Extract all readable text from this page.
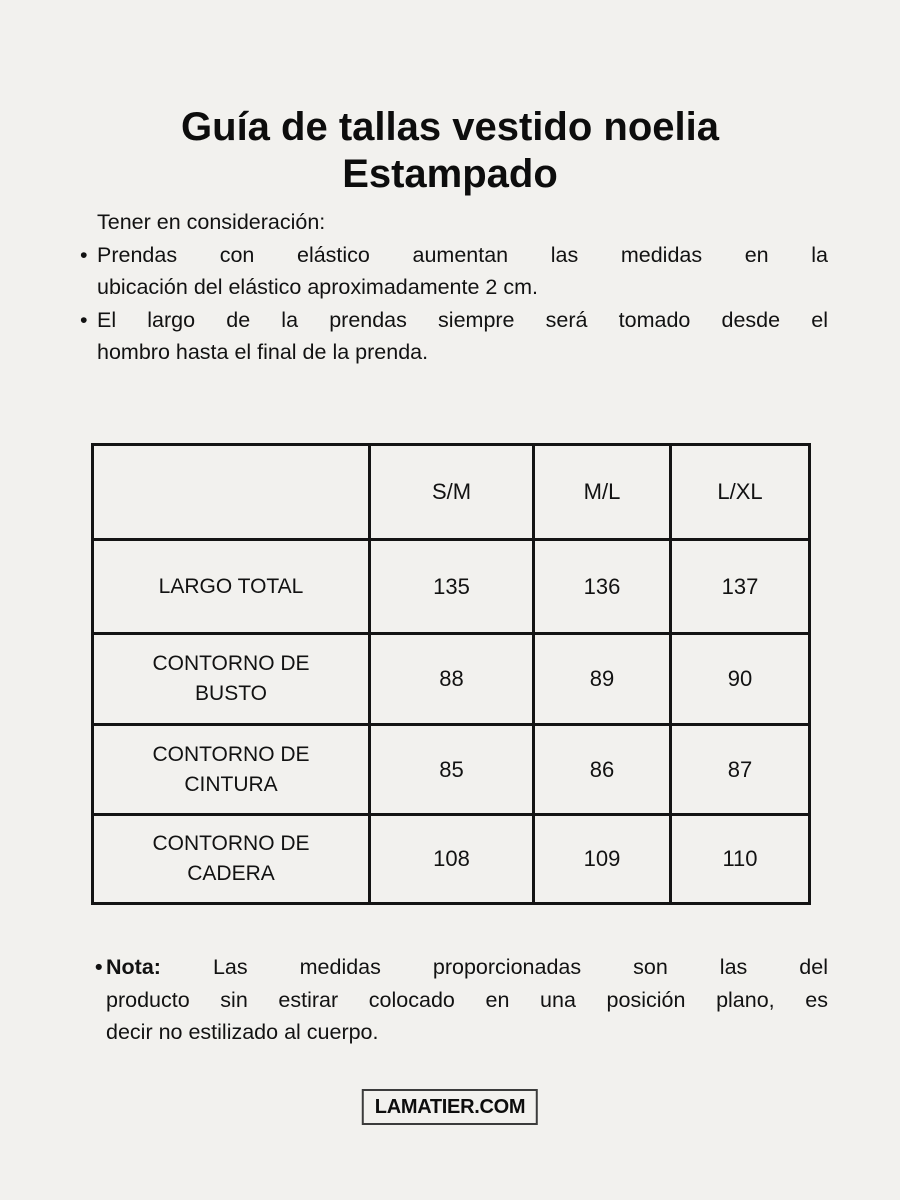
Guía de tallas vestido noelia
Estampado
Tener en consideración:
• Prendas con elástico aumentan las medidas en la
ubicación del elástico aproximadamente 2 cm.
• El largo de la prendas siempre será tomado desde el
hombro hasta el final de la prenda.
	S/M	M/L	L/XL
LARGO TOTAL	135	136	137
CONTORNO DE BUSTO	88	89	90
CONTORNO DE CINTURA	85	86	87
CONTORNO DE CADERA	108	109	110
• Nota: Las medidas proporcionadas son las del
producto sin estirar colocado en una posición plano, es
decir no estilizado al cuerpo.
LAMATIER.COM
